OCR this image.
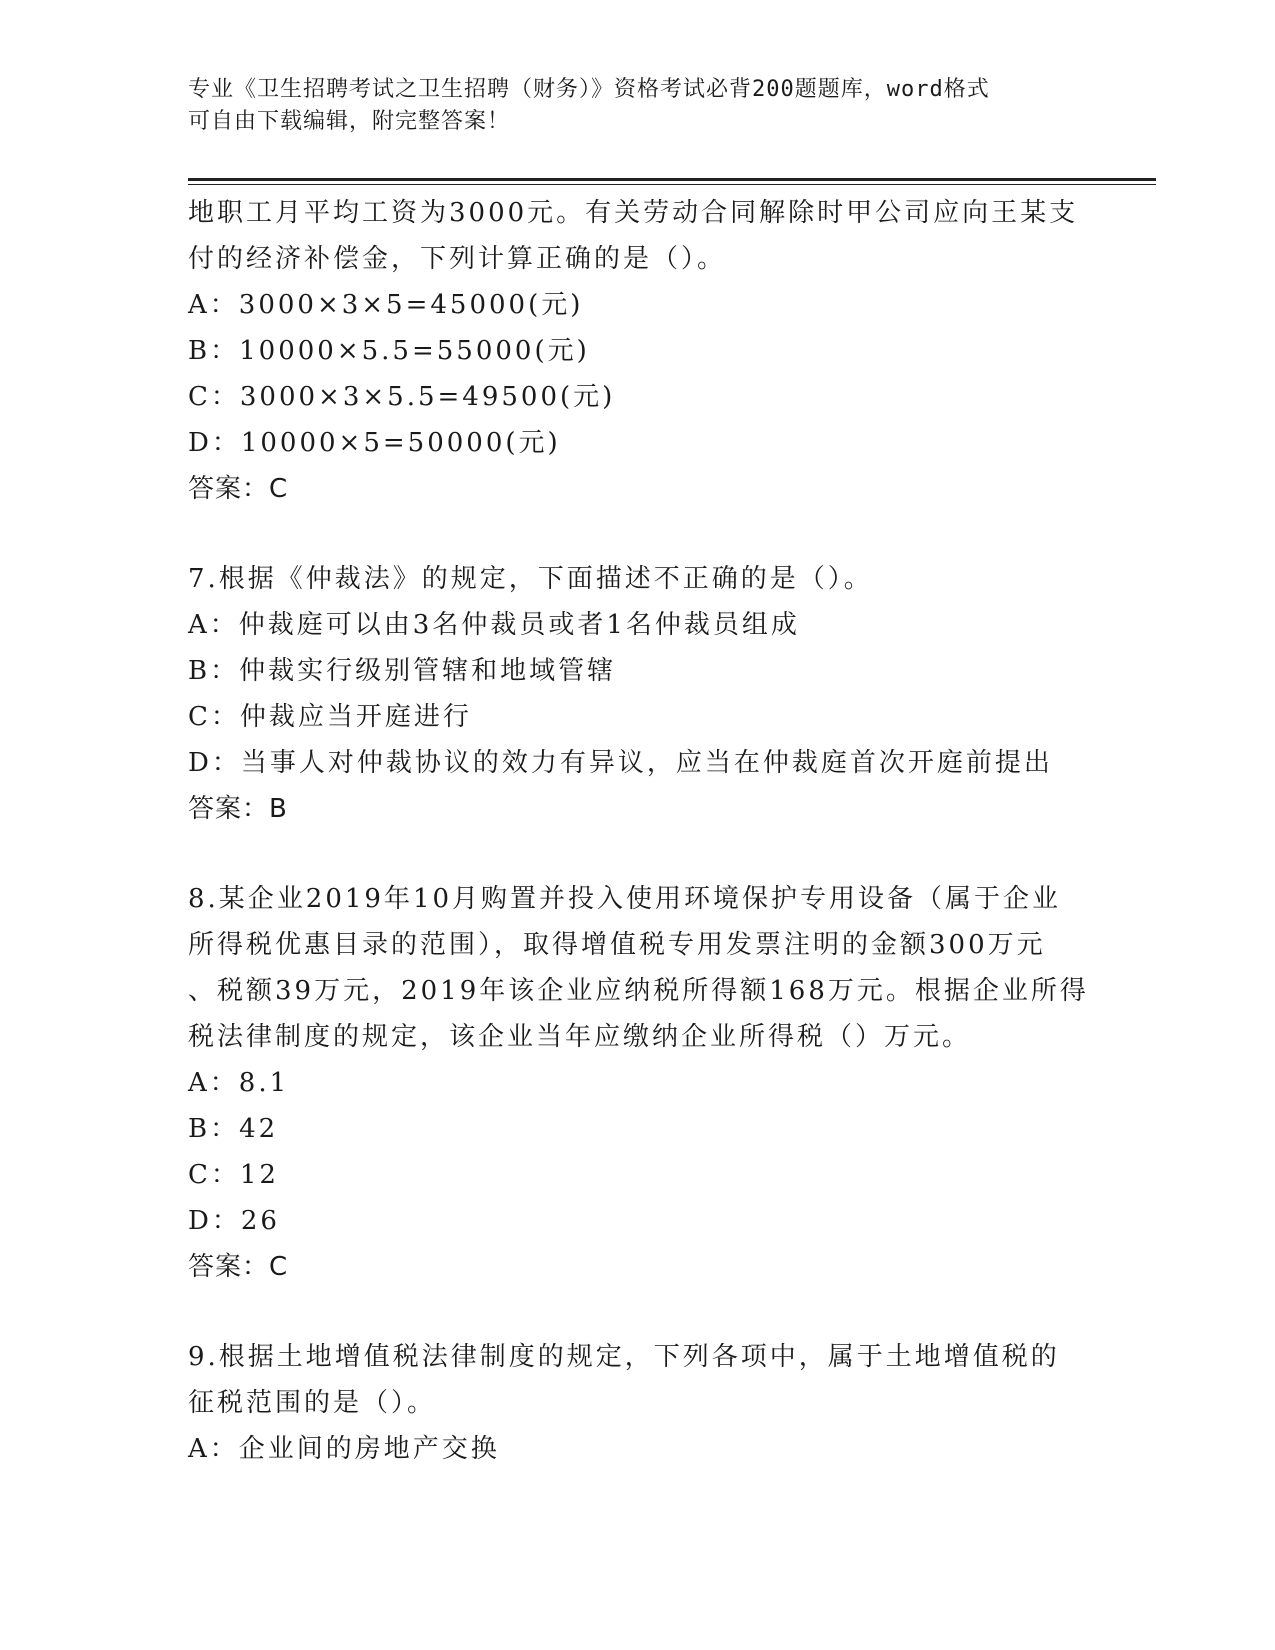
专业《卫生招聘考试之卫生招聘（财务）》资格考试必背200题题库，word格式
可自由下载编辑，附完整答案！
地职工月平均工资为3000元。有关劳动合同解除时甲公司应向王某支
付的经济补偿金，下列计算正确的是（）。
A：3000×3×5=45000(元)
B：10000×5.5=55000(元)
C：3000×3×5.5=49500(元)
D：10000×5=50000(元)
答案：C
7.根据《仲裁法》的规定，下面描述不正确的是（）。
A：仲裁庭可以由3名仲裁员或者1名仲裁员组成
B：仲裁实行级别管辖和地域管辖
C：仲裁应当开庭进行
D：当事人对仲裁协议的效力有异议，应当在仲裁庭首次开庭前提出
答案：B
8.某企业2019年10月购置并投入使用环境保护专用设备（属于企业
所得税优惠目录的范围），取得增值税专用发票注明的金额300万元
、税额39万元，2019年该企业应纳税所得额168万元。根据企业所得
税法律制度的规定，该企业当年应缴纳企业所得税（）万元。
A：8.1
B：42
C：12
D：26
答案：C
9.根据土地增值税法律制度的规定，下列各项中，属于土地增值税的
征税范围的是（）。
A：企业间的房地产交换
